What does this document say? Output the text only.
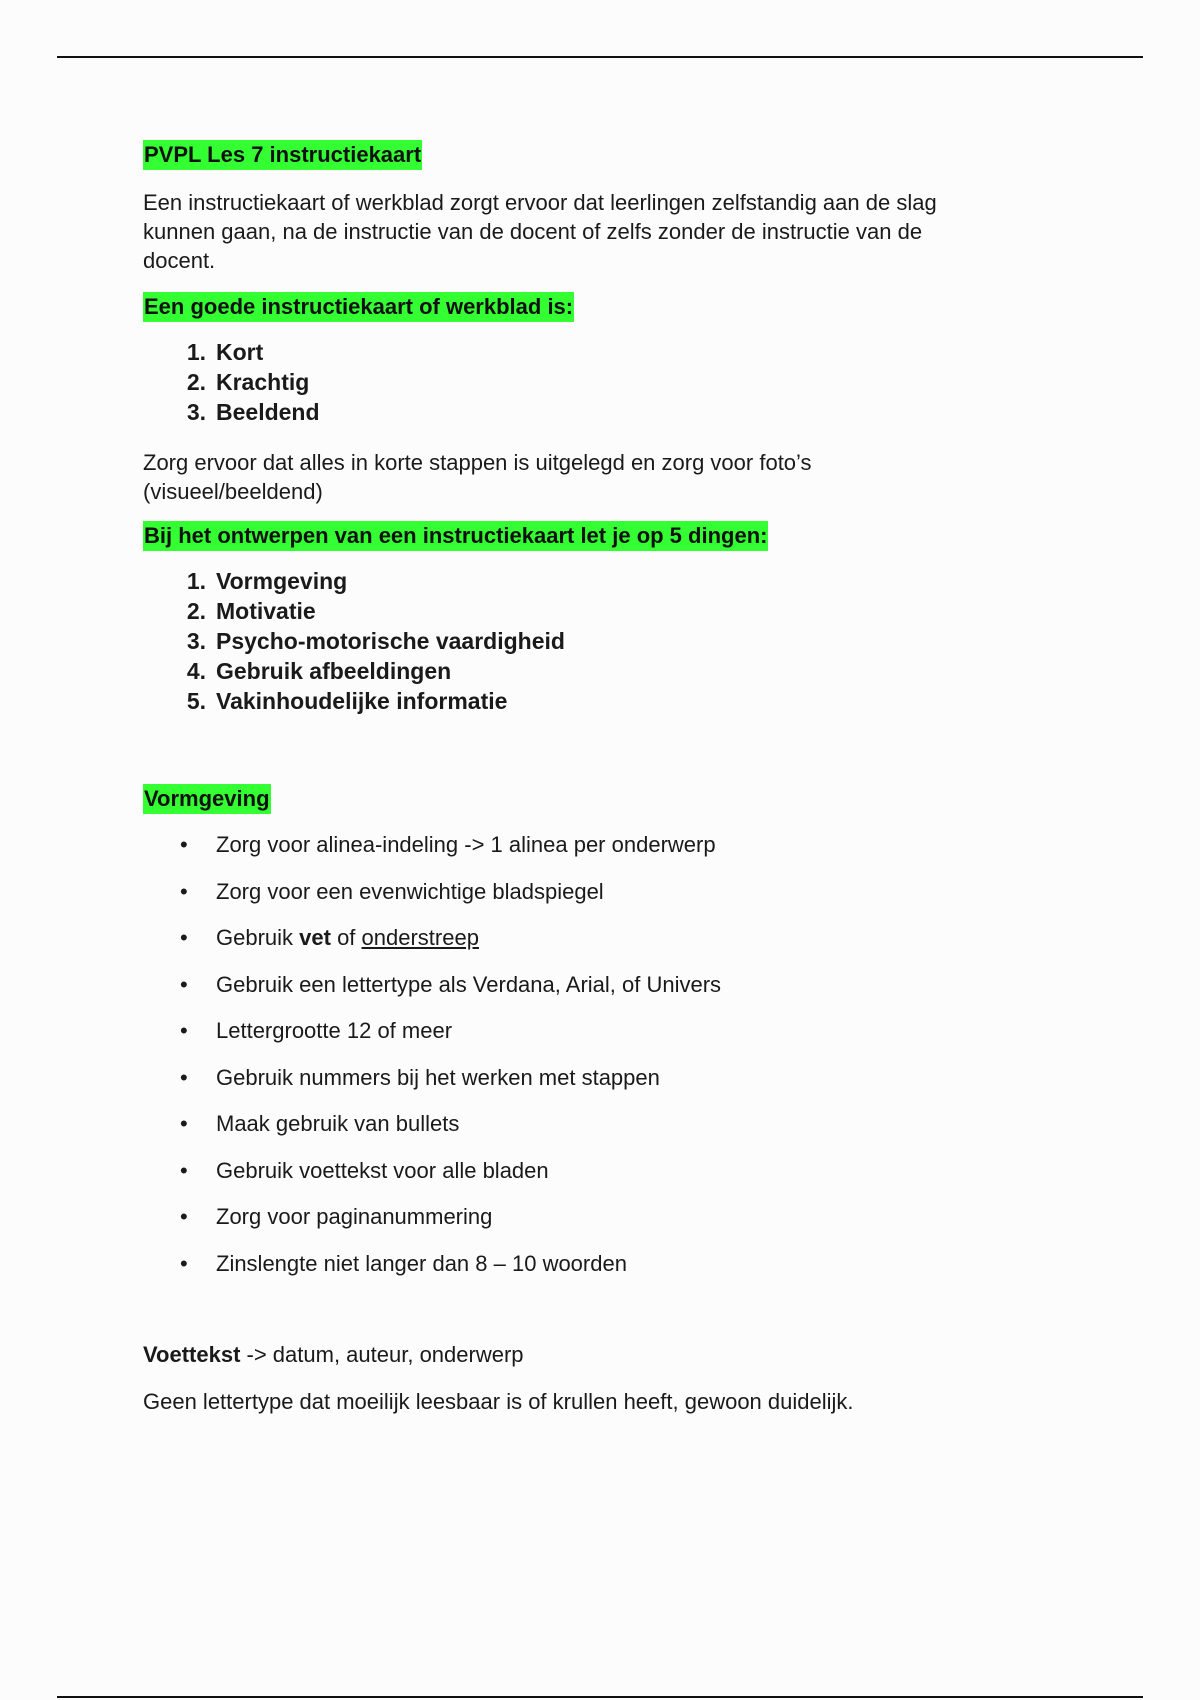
PVPL Les 7 instructiekaart

Een instructiekaart of werkblad zorgt ervoor dat leerlingen zelfstandig aan de slag

kunnen gaan, na de instructie van de docent of zelfs zonder de instructie van de

docent.

Een goede instructiekaart of werkblad is:
1. Kort
2. Krachtig
3. Beeldend

Zorg ervoor dat alles in korte stappen is uitgelegd en zorg voor foto’s

(visueel/beeldend)

Bij het ontwerpen van een instructiekaart let je op 5 dingen:
1. Vormgeving
2. Motivatie
3. Psycho-motorische vaardigheid
4. Gebruik afbeeldingen
5. Vakinhoudelijke informatie
Vormgeving
•	Zorg voor alinea-indeling -> 1 alinea per onderwerp
•	Zorg voor een evenwichtige bladspiegel
•	Gebruik vet of onderstreep
•	Gebruik een lettertype als Verdana, Arial, of Univers
•	Lettergrootte 12 of meer
•	Gebruik nummers bij het werken met stappen
•	Maak gebruik van bullets
•	Gebruik voettekst voor alle bladen
•	Zorg voor paginanummering
•	Zinslengte niet langer dan 8 – 10 woorden

Voettekst -> datum, auteur, onderwerp

Geen lettertype dat moeilijk leesbaar is of krullen heeft, gewoon duidelijk.
